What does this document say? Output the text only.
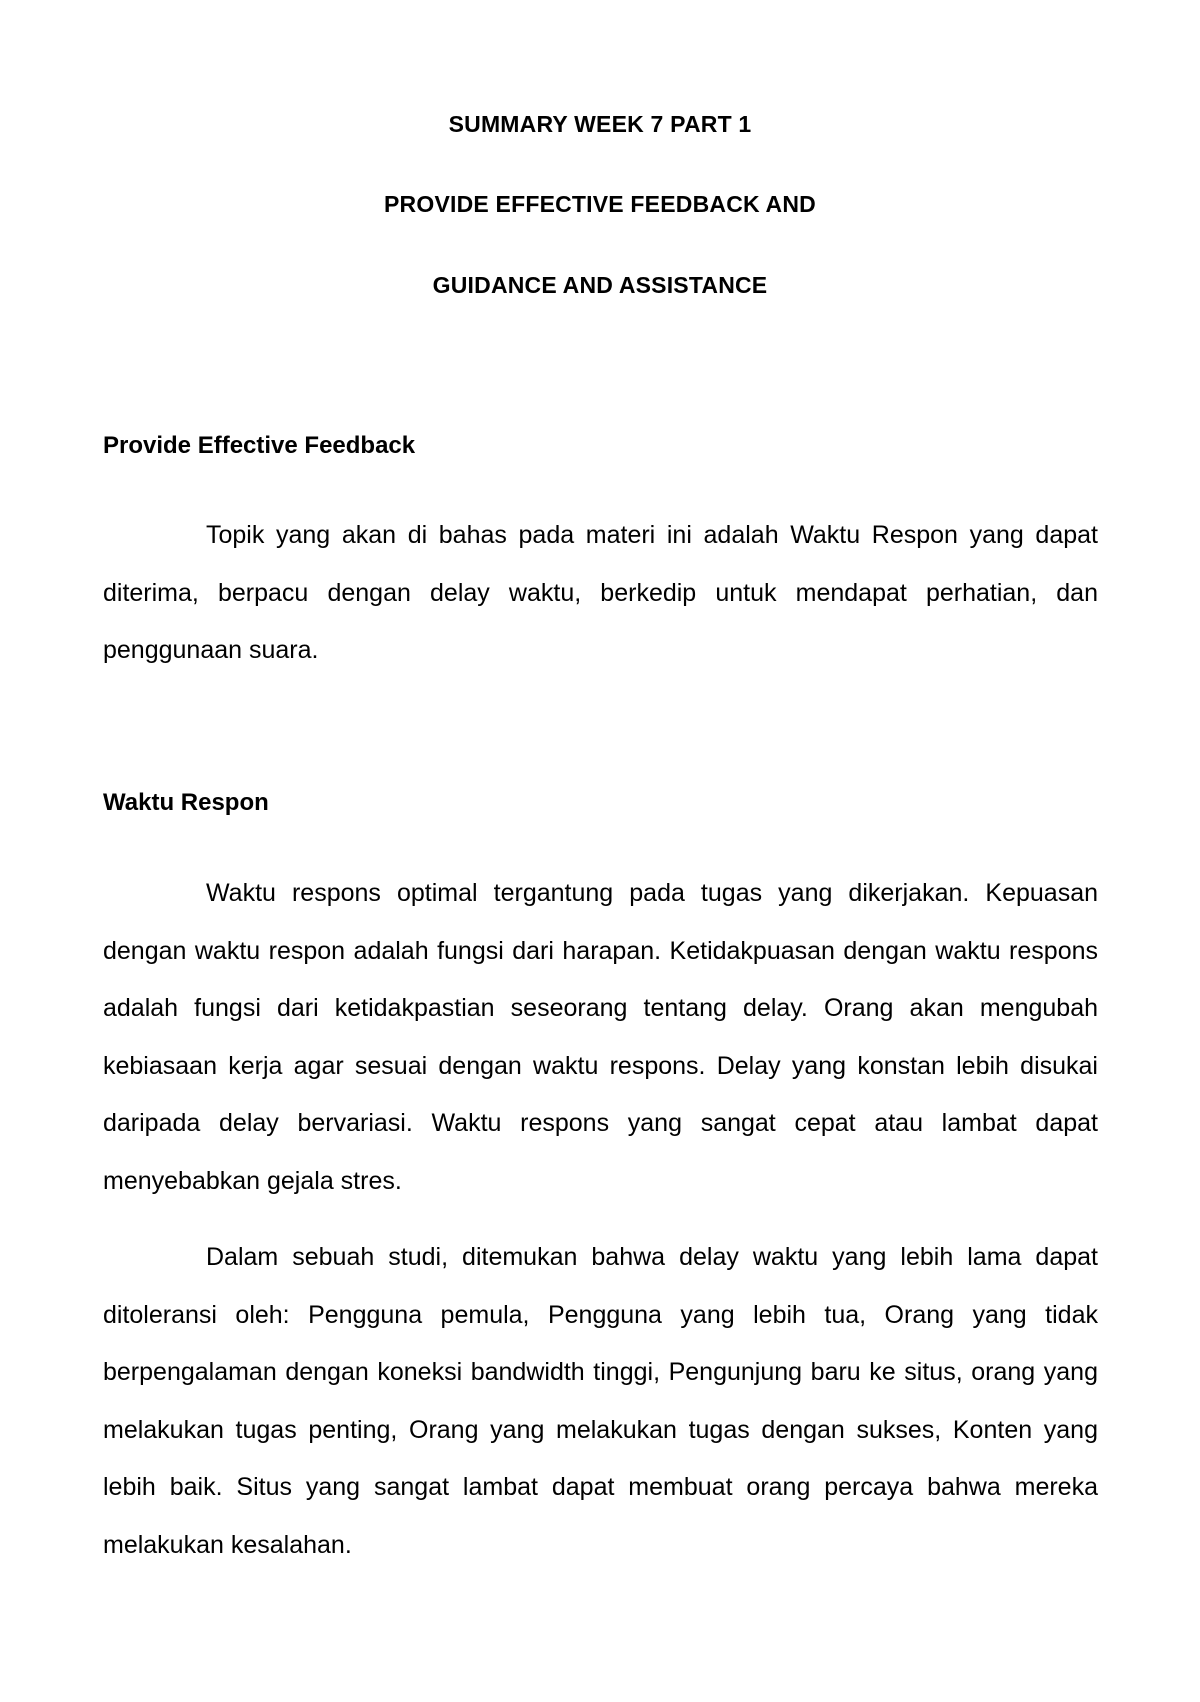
SUMMARY WEEK 7 PART 1

PROVIDE EFFECTIVE FEEDBACK AND

GUIDANCE AND ASSISTANCE

Provide Effective Feedback

Topik yang akan di bahas pada materi ini adalah Waktu Respon yang dapat diterima, berpacu dengan delay waktu, berkedip untuk mendapat perhatian, dan penggunaan suara.

Waktu Respon

Waktu respons optimal tergantung pada tugas yang dikerjakan. Kepuasan dengan waktu respon adalah fungsi dari harapan. Ketidakpuasan dengan waktu respons adalah fungsi dari ketidakpastian seseorang tentang delay. Orang akan mengubah kebiasaan kerja agar sesuai dengan waktu respons. Delay yang konstan lebih disukai daripada delay bervariasi. Waktu respons yang sangat cepat atau lambat dapat menyebabkan gejala stres.

Dalam sebuah studi, ditemukan bahwa delay waktu yang lebih lama dapat ditoleransi oleh: Pengguna pemula, Pengguna yang lebih tua, Orang yang tidak berpengalaman dengan koneksi bandwidth tinggi, Pengunjung baru ke situs, orang yang melakukan tugas penting, Orang yang melakukan tugas dengan sukses, Konten yang lebih baik. Situs yang sangat lambat dapat membuat orang percaya bahwa mereka melakukan kesalahan.
